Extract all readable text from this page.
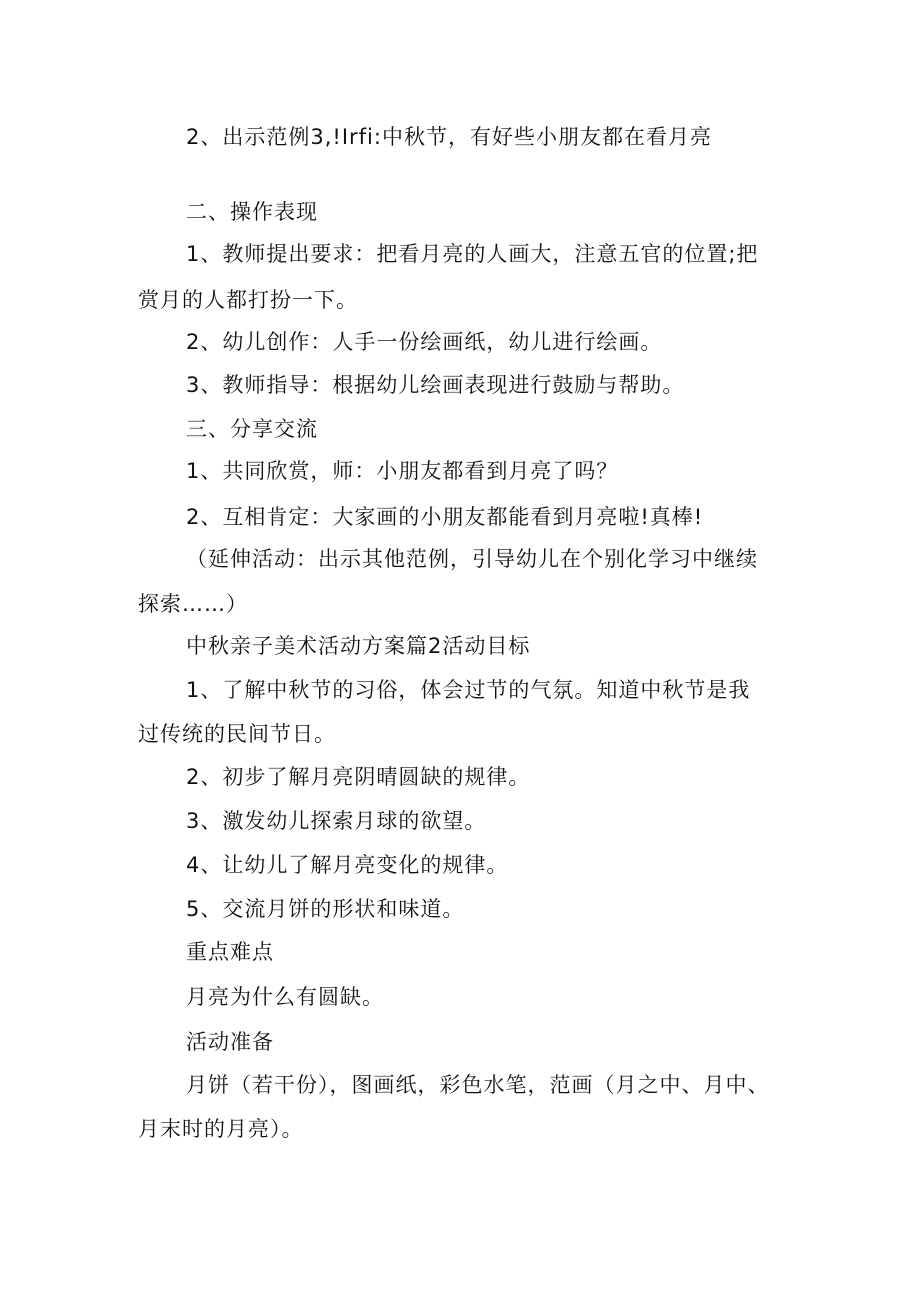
2、出示范例3,!Irfi:中秋节，有好些小朋友都在看月亮
二、操作表现
1、教师提出要求：把看月亮的人画大，注意五官的位置;把
赏月的人都打扮一下。
2、幼儿创作：人手一份绘画纸，幼儿进行绘画。
3、教师指导：根据幼儿绘画表现进行鼓励与帮助。
三、分享交流
1、共同欣赏，师：小朋友都看到月亮了吗？
2、互相肯定：大家画的小朋友都能看到月亮啦!真棒!
（延伸活动：出示其他范例，引导幼儿在个别化学习中继续
探索……）
中秋亲子美术活动方案篇2活动目标
1、了解中秋节的习俗，体会过节的气氛。知道中秋节是我
过传统的民间节日。
2、初步了解月亮阴晴圆缺的规律。
3、激发幼儿探索月球的欲望。
4、让幼儿了解月亮变化的规律。
5、交流月饼的形状和味道。
重点难点
月亮为什么有圆缺。
活动准备
月饼（若干份），图画纸，彩色水笔，范画（月之中、月中、
月末时的月亮）。
